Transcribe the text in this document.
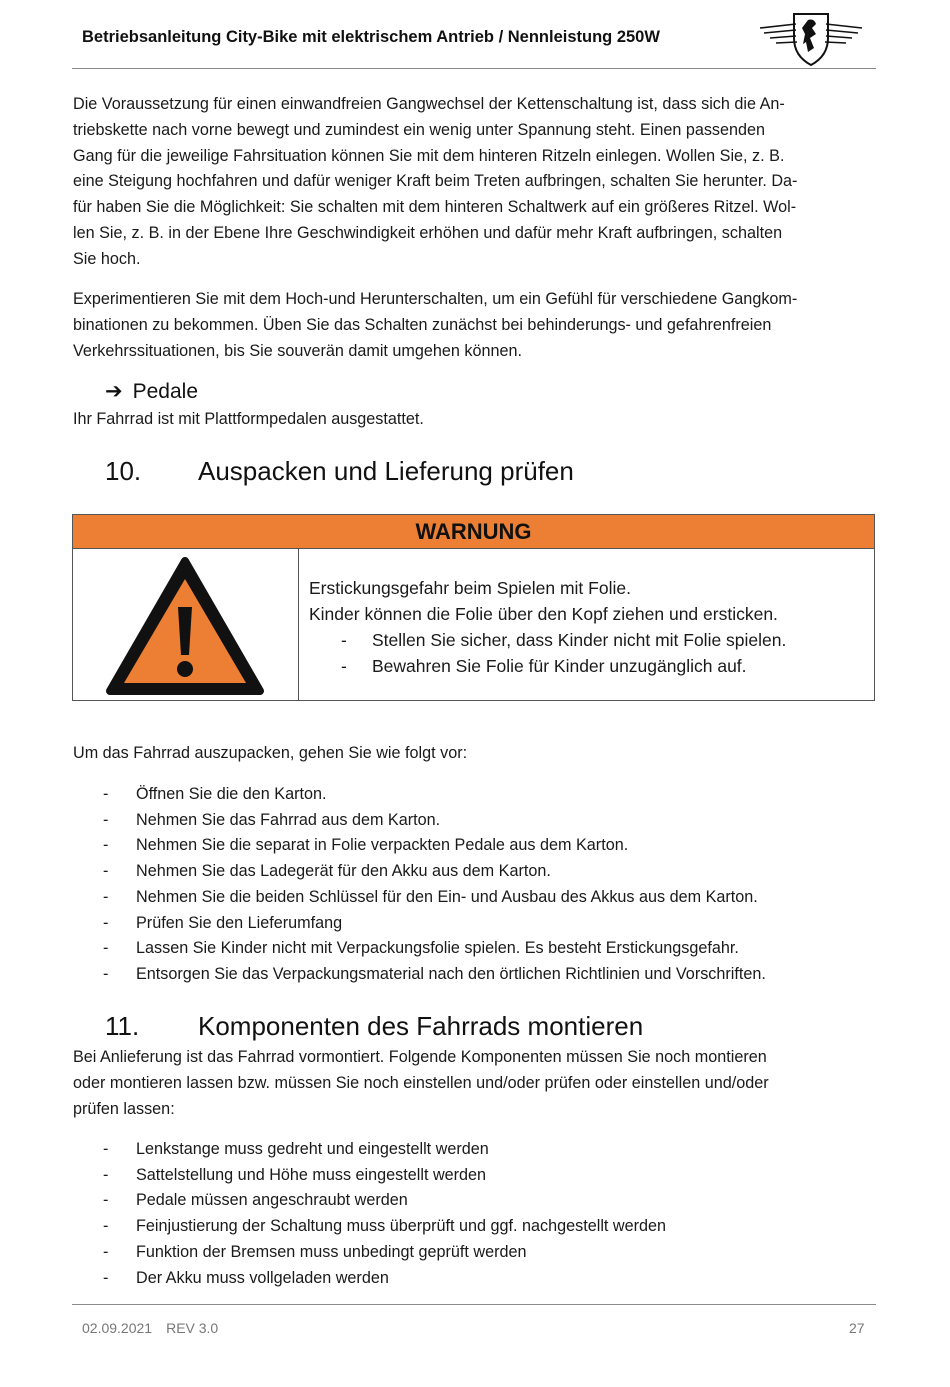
Betriebsanleitung City-Bike mit elektrischem Antrieb / Nennleistung 250W
Die Voraussetzung für einen einwandfreien Gangwechsel der Kettenschaltung ist, dass sich die An-
triebskette nach vorne bewegt und zumindest ein wenig unter Spannung steht. Einen passenden
Gang für die jeweilige Fahrsituation können Sie mit dem hinteren Ritzeln einlegen. Wollen Sie, z. B.
eine Steigung hochfahren und dafür weniger Kraft beim Treten aufbringen, schalten Sie herunter. Da-
für haben Sie die Möglichkeit: Sie schalten mit dem hinteren Schaltwerk auf ein größeres Ritzel. Wol-
len Sie, z. B. in der Ebene Ihre Geschwindigkeit erhöhen und dafür mehr Kraft aufbringen, schalten
Sie hoch.
Experimentieren Sie mit dem Hoch-und Herunterschalten, um ein Gefühl für verschiedene Gangkom-
binationen zu bekommen. Üben Sie das Schalten zunächst bei behinderungs- und gefahrenfreien
Verkehrssituationen, bis Sie souverän damit umgehen können.
➔ Pedale
Ihr Fahrrad ist mit Plattformpedalen ausgestattet.
10. Auspacken und Lieferung prüfen
WARNUNG
Erstickungsgefahr beim Spielen mit Folie.
Kinder können die Folie über den Kopf ziehen und ersticken.
- Stellen Sie sicher, dass Kinder nicht mit Folie spielen.
- Bewahren Sie Folie für Kinder unzugänglich auf.
Um das Fahrrad auszupacken, gehen Sie wie folgt vor:
- Öffnen Sie die den Karton.
- Nehmen Sie das Fahrrad aus dem Karton.
- Nehmen Sie die separat in Folie verpackten Pedale aus dem Karton.
- Nehmen Sie das Ladegerät für den Akku aus dem Karton.
- Nehmen Sie die beiden Schlüssel für den Ein- und Ausbau des Akkus aus dem Karton.
- Prüfen Sie den Lieferumfang
- Lassen Sie Kinder nicht mit Verpackungsfolie spielen. Es besteht Erstickungsgefahr.
- Entsorgen Sie das Verpackungsmaterial nach den örtlichen Richtlinien und Vorschriften.
11. Komponenten des Fahrrads montieren
Bei Anlieferung ist das Fahrrad vormontiert. Folgende Komponenten müssen Sie noch montieren
oder montieren lassen bzw. müssen Sie noch einstellen und/oder prüfen oder einstellen und/oder
prüfen lassen:
- Lenkstange muss gedreht und eingestellt werden
- Sattelstellung und Höhe muss eingestellt werden
- Pedale müssen angeschraubt werden
- Feinjustierung der Schaltung muss überprüft und ggf. nachgestellt werden
- Funktion der Bremsen muss unbedingt geprüft werden
- Der Akku muss vollgeladen werden
02.09.2021 REV 3.0	27
